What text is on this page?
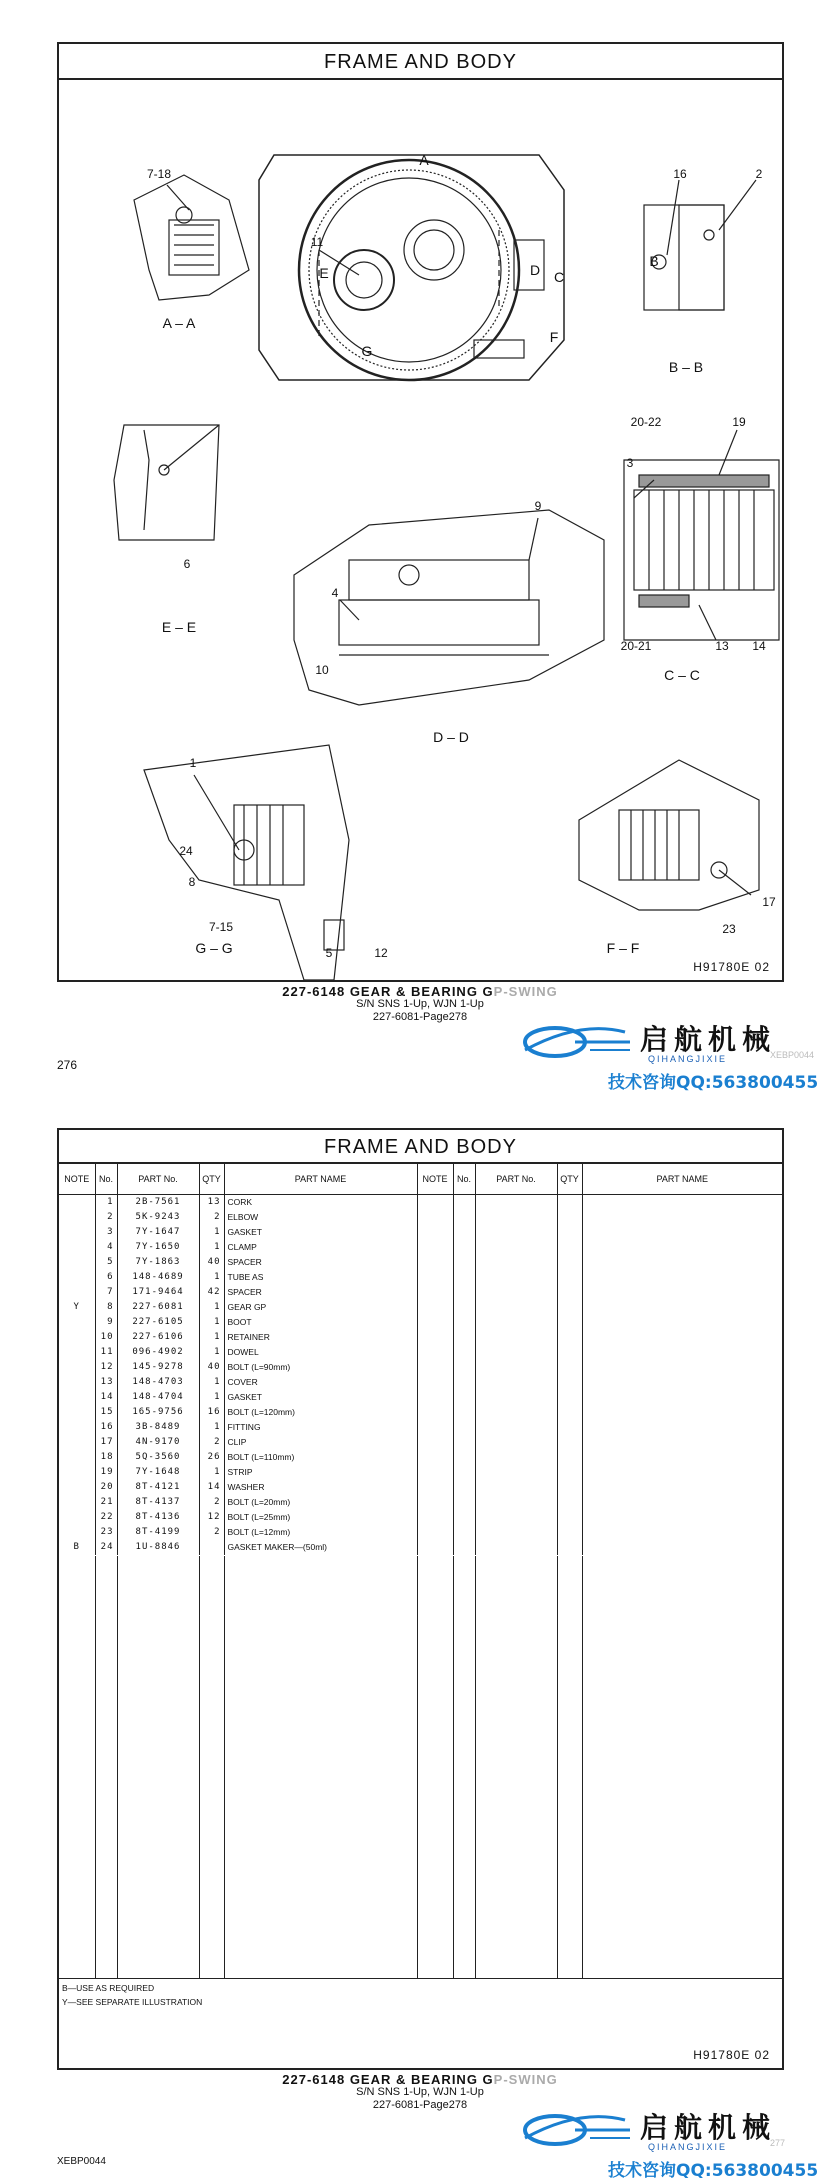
FRAME AND BODY
7-18	16	2
11
A
C
D
E
F
G
B
20-22	19
3
9
4
10
6
20-21	13 14
1
24
8
7-15
5	12
17
23
A – A
B – B
C – C
D – D
E – E
F – F
G – G
H91780E 02
227-6148 GEAR & BEARING GP-SWING
S/N SNS 1-Up, WJN 1-Up
227-6081-Page278
276
启航机械
QIHANGJIXIE	XEBP0044
技术咨询QQ:563800455
FRAME AND BODY
NOTE	No.	PART No.	QTY	PART NAME	NOTE	No.	PART No.	QTY	PART NAME
	1	2B-7561	13	CORK					
	2	5K-9243	2	ELBOW					
	3	7Y-1647	1	GASKET					
	4	7Y-1650	1	CLAMP					
	5	7Y-1863	40	SPACER					
	6	148-4689	1	TUBE AS					
	7	171-9464	42	SPACER					
Y	8	227-6081	1	GEAR GP					
	9	227-6105	1	BOOT					
	10	227-6106	1	RETAINER					
	11	096-4902	1	DOWEL					
	12	145-9278	40	BOLT (L=90mm)					
	13	148-4703	1	COVER					
	14	148-4704	1	GASKET					
	15	165-9756	16	BOLT (L=120mm)					
	16	3B-8489	1	FITTING					
	17	4N-9170	2	CLIP					
	18	5Q-3560	26	BOLT (L=110mm)					
	19	7Y-1648	1	STRIP					
	20	8T-4121	14	WASHER					
	21	8T-4137	2	BOLT (L=20mm)					
	22	8T-4136	12	BOLT (L=25mm)					
	23	8T-4199	2	BOLT (L=12mm)					
B	24	1U-8846		GASKET MAKER—(50ml)					

B—USE AS REQUIRED

Y—SEE SEPARATE ILLUSTRATION

H91780E 02
227-6148 GEAR & BEARING GP-SWING
S/N SNS 1-Up, WJN 1-Up
227-6081-Page278
XEBP0044
启航机械
QIHANGJIXIE	277
技术咨询QQ:563800455
